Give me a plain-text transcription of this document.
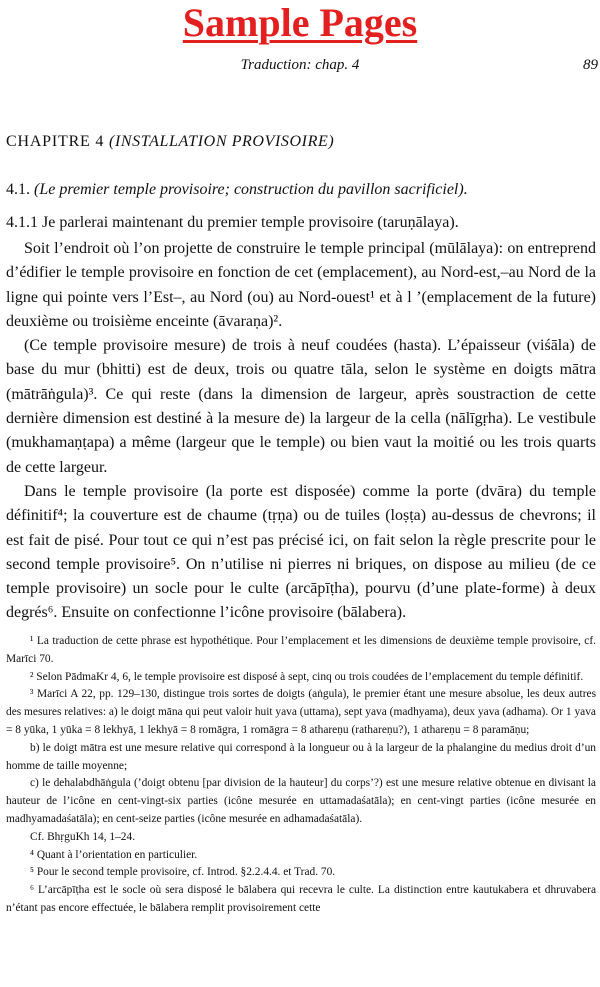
Sample Pages
Traduction: chap. 4	89
CHAPITRE 4 (INSTALLATION PROVISOIRE)
4.1. (Le premier temple provisoire; construction du pavillon sacrificiel).
4.1.1 Je parlerai maintenant du premier temple provisoire (taruṇālaya).

Soit l’endroit où l’on projette de construire le temple principal (mūlālaya): on entreprend d’édifier le temple provisoire en fonction de cet (emplacement), au Nord-est,–au Nord de la ligne qui pointe vers l’Est–, au Nord (ou) au Nord-ouest¹ et à l ’(emplacement de la future) deuxième ou troisième enceinte (āvaraṇa)².

(Ce temple provisoire mesure) de trois à neuf coudées (hasta). L’épaisseur (viśāla) de base du mur (bhitti) est de deux, trois ou quatre tāla, selon le système en doigts mātra (mātrāṅgula)³. Ce qui reste (dans la dimension de largeur, après soustraction de cette dernière dimension est destiné à la mesure de) la largeur de la cella (nālīgṛha). Le vestibule (mukhamaṇṭapa) a même (largeur que le temple) ou bien vaut la moitié ou les trois quarts de cette largeur.

Dans le temple provisoire (la porte est disposée) comme la porte (dvāra) du temple définitif⁴; la couverture est de chaume (tṛṇa) ou de tuiles (loṣṭa) au-dessus de chevrons; il est fait de pisé. Pour tout ce qui n’est pas précisé ici, on fait selon la règle prescrite pour le second temple provisoire⁵. On n’utilise ni pierres ni briques, on dispose au milieu (de ce temple provisoire) un socle pour le culte (arcāpīṭha), pourvu (d’une plate-forme) à deux degrés⁶. Ensuite on confectionne l’icône provisoire (bālabera).

¹ La traduction de cette phrase est hypothétique. Pour l’emplacement et les dimensions de deuxième temple provisoire, cf. Marīci 70.

² Selon PādmaKr 4, 6, le temple provisoire est disposé à sept, cinq ou trois coudées de l’emplacement du temple définitif.

³ Marīci A 22, pp. 129–130, distingue trois sortes de doigts (aṅgula), le premier étant une mesure absolue, les deux autres des mesures relatives: a) le doigt māna qui peut valoir huit yava (uttama), sept yava (madhyama), deux yava (adhama). Or 1 yava = 8 yūka, 1 yūka = 8 lekhyā, 1 lekhyā = 8 romāgra, 1 romāgra = 8 athareṇu (rathareṇu?), 1 athareṇu = 8 paramāṇu;

b) le doigt mātra est une mesure relative qui correspond à la longueur ou à la largeur de la phalangine du medius droit d’un homme de taille moyenne;

c) le dehalabdhāṅgula (’doigt obtenu [par division de la hauteur] du corps’?) est une mesure relative obtenue en divisant la hauteur de l’icône en cent-vingt-six parties (icône mesurée en uttamadaśatāla); en cent-vingt parties (icône mesurée en madhyamadaśatāla); en cent-seize parties (icône mesurée en adhamadaśatāla).

Cf. BhṛguKh 14, 1–24.

⁴ Quant à l’orientation en particulier.

⁵ Pour le second temple provisoire, cf. Introd. §2.2.4.4. et Trad. 70.

⁶ L’arcāpīṭha est le socle où sera disposé le bālabera qui recevra le culte. La distinction entre kautukabera et dhruvabera n’étant pas encore effectuée, le bālabera remplit provisoirement cette
